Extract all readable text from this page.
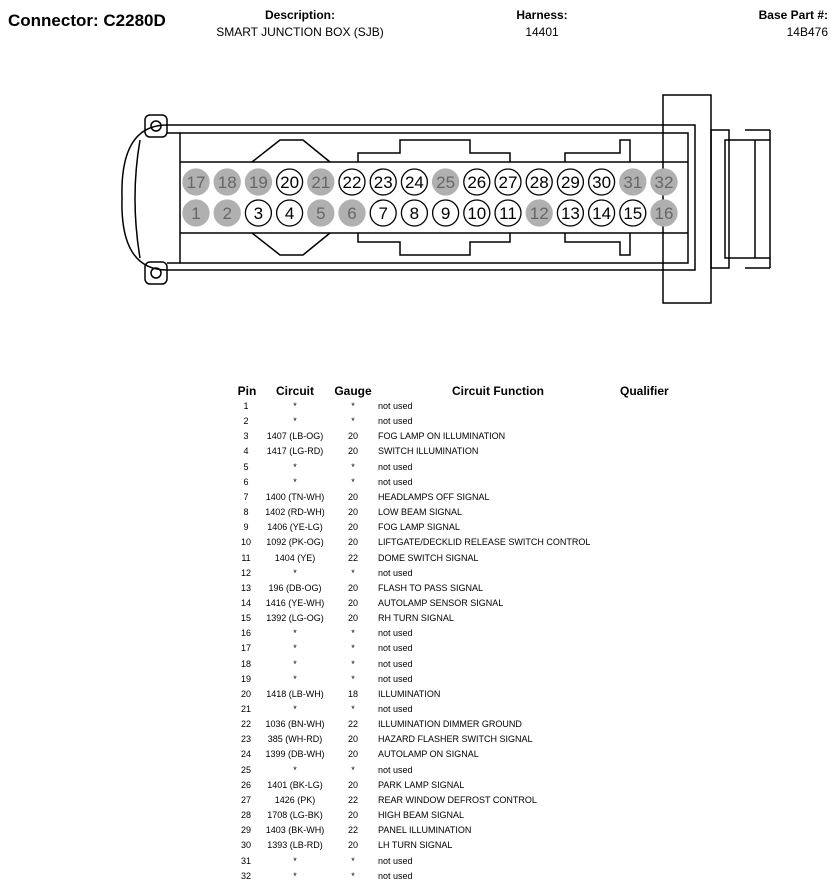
Connector: C2280D	Description:
SMART JUNCTION BOX (SJB)
Harness:
14401
Base Part #:
14B476
17 18 19 20 21 22 23 24 25 26 27 28 29 30 31 32
1 2 3 4 5 6 7 8 9 10 11 12 13 14 15 16
Pin	Circuit	Gauge	Circuit Function	Qualifier
1	*	*	not used
2	*	*	not used
3	1407 (LB-OG)	20	FOG LAMP ON ILLUMINATION
4	1417 (LG-RD)	20	SWITCH ILLUMINATION
5	*	*	not used
6	*	*	not used
7	1400 (TN-WH)	20	HEADLAMPS OFF SIGNAL
8	1402 (RD-WH)	20	LOW BEAM SIGNAL
9	1406 (YE-LG)	20	FOG LAMP SIGNAL
10	1092 (PK-OG)	20	LIFTGATE/DECKLID RELEASE SWITCH CONTROL
11	1404 (YE)	22	DOME SWITCH SIGNAL
12	*	*	not used
13	196 (DB-OG)	20	FLASH TO PASS SIGNAL
14	1416 (YE-WH)	20	AUTOLAMP SENSOR SIGNAL
15	1392 (LG-OG)	20	RH TURN SIGNAL
16	*	*	not used
17	*	*	not used
18	*	*	not used
19	*	*	not used
20	1418 (LB-WH)	18	ILLUMINATION
21	*	*	not used
22	1036 (BN-WH)	22	ILLUMINATION DIMMER GROUND
23	385 (WH-RD)	20	HAZARD FLASHER SWITCH SIGNAL
24	1399 (DB-WH)	20	AUTOLAMP ON SIGNAL
25	*	*	not used
26	1401 (BK-LG)	20	PARK LAMP SIGNAL
27	1426 (PK)	22	REAR WINDOW DEFROST CONTROL
28	1708 (LG-BK)	20	HIGH BEAM SIGNAL
29	1403 (BK-WH)	22	PANEL ILLUMINATION
30	1393 (LB-RD)	20	LH TURN SIGNAL
31	*	*	not used
32	*	*	not used
